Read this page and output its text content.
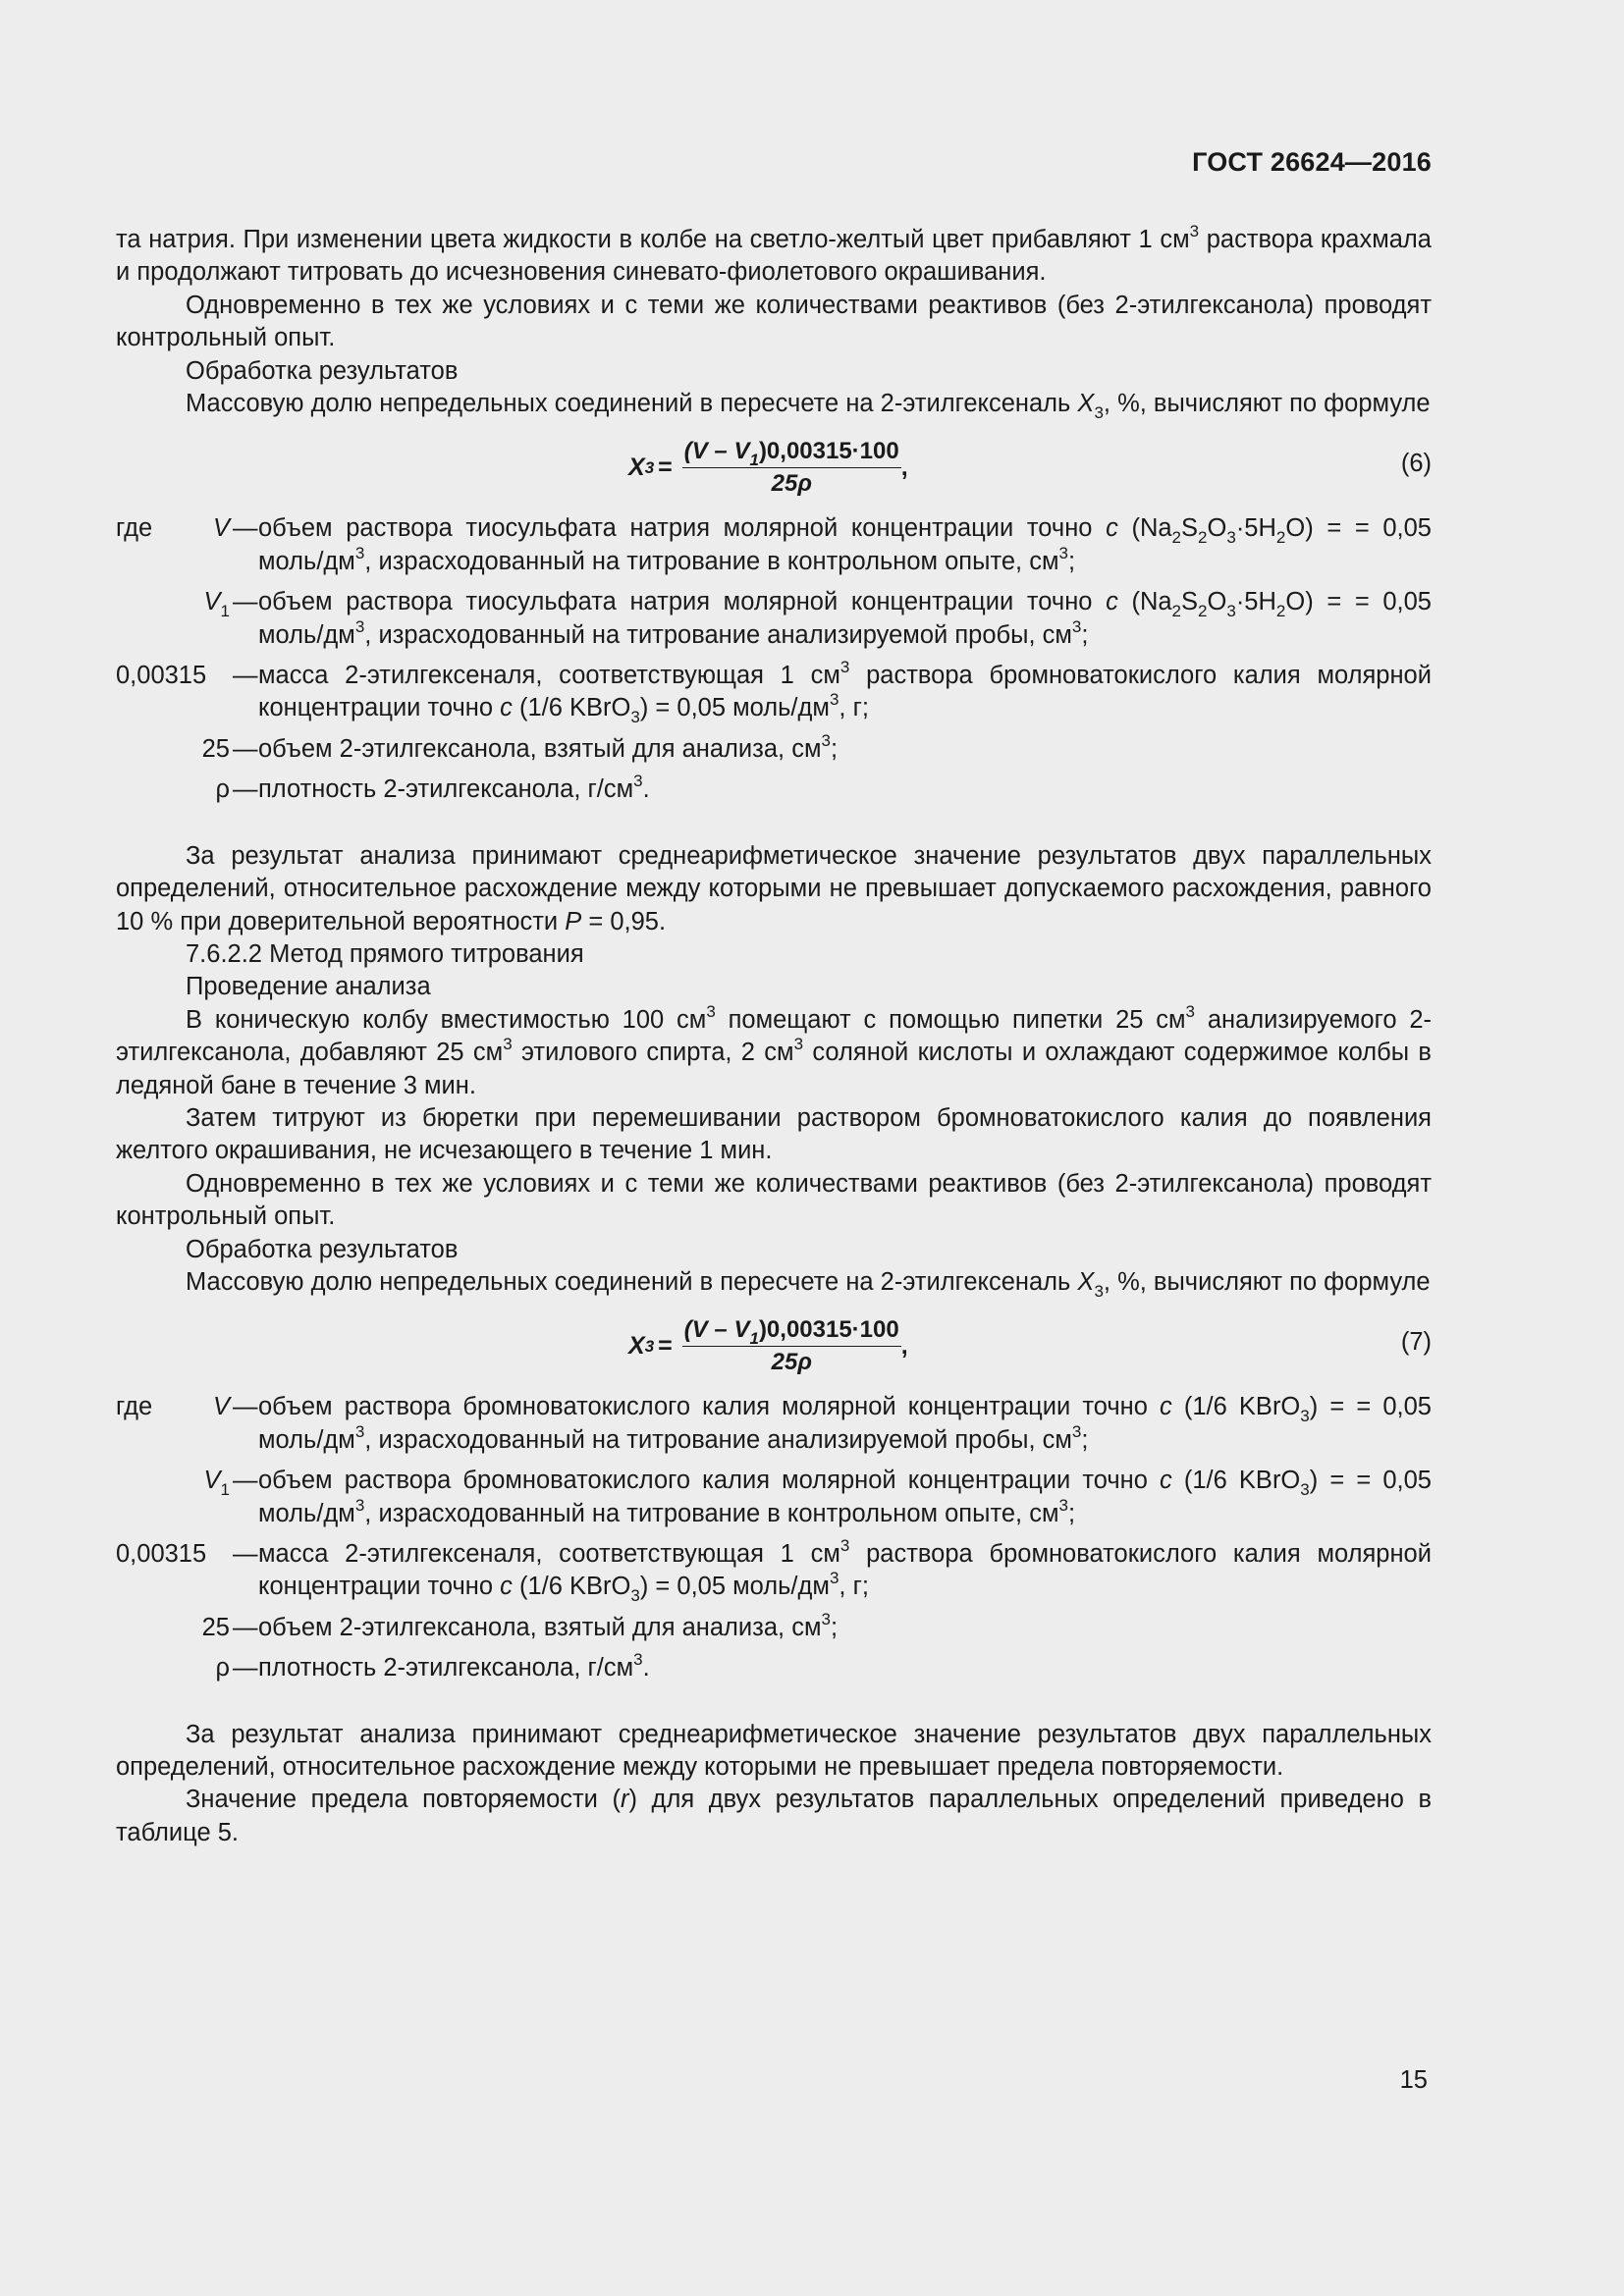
ГОСТ 26624—2016

та натрия. При изменении цвета жидкости в колбе на светло-желтый цвет прибавляют 1 $см^3$ раствора крахмала и продолжают титровать до исчезновения синевато-фиолетового окрашивания.

Одновременно в тех же условиях и с теми же количествами реактивов (без 2-этилгексанола) проводят контрольный опыт.

Обработка результатов

Массовую долю непредельных соединений в пересчете на 2-этилгексеналь $X_3$, %, вычисляют по формуле

X $3 = \frac{(V - V_1)0,00315\cdot 100}{25\rho}$ ,	(6)
где	V — объем раствора тиосульфата натрия молярной концентрации точно c $(Na_2S_2O_3\cdot 5H_2O)$ = = 0,05 моль/$дм^3$, израсходованный на титрование в контрольном опыте, $см^3$;
$V_1$ — объем раствора тиосульфата натрия молярной концентрации точно c $(Na_2S_2O_3\cdot 5H_2O)$ = = 0,05 моль/$дм^3$, израсходованный на титрование анализируемой пробы, $см^3$;
0,00315	— масса 2-этилгексеналя, соответствующая 1 $см^3$ раствора бромноватокислого калия молярной концентрации точно c (1/6 KBrO$_3$) = 0,05 моль/$дм^3$, г;
25 — объем 2-этилгексанола, взятый для анализа, $см^3$;
ρ — плотность 2-этилгексанола, $г/см^3$.

За результат анализа принимают среднеарифметическое значение результатов двух параллельных определений, относительное расхождение между которыми не превышает допускаемого расхождения, равного 10 % при доверительной вероятности P = 0,95.

7.6.2.2 Метод прямого титрования

Проведение анализа

В коническую колбу вместимостью 100 $см^3$ помещают с помощью пипетки 25 $см^3$ анализируемого 2-этилгексанола, добавляют 25 $см^3$ этилового спирта, 2 $см^3$ соляной кислоты и охлаждают содержимое колбы в ледяной бане в течение 3 мин.

Затем титруют из бюретки при перемешивании раствором бромноватокислого калия до появления желтого окрашивания, не исчезающего в течение 1 мин.

Одновременно в тех же условиях и с теми же количествами реактивов (без 2-этилгексанола) проводят контрольный опыт.

Обработка результатов

Массовую долю непредельных соединений в пересчете на 2-этилгексеналь $X_3$, %, вычисляют по формуле

X $3 = \frac{(V - V_1)0,00315\cdot 100}{25\rho}$ ,	(7)
где	V — объем раствора бромноватокислого калия молярной концентрации точно c (1/6 KBrO$_3$) = = 0,05 моль/$дм^3$, израсходованный на титрование анализируемой пробы, $см^3$;
$V_1$ — объем раствора бромноватокислого калия молярной концентрации точно c (1/6 KBrO$_3$) = = 0,05 моль/$дм^3$, израсходованный на титрование в контрольном опыте, $см^3$;
0,00315	— масса 2-этилгексеналя, соответствующая 1 $см^3$ раствора бромноватокислого калия молярной концентрации точно c (1/6 KBrO$_3$) = 0,05 моль/$дм^3$, г;
25 — объем 2-этилгексанола, взятый для анализа, $см^3$;
ρ — плотность 2-этилгексанола, $г/см^3$.

За результат анализа принимают среднеарифметическое значение результатов двух параллельных определений, относительное расхождение между которыми не превышает предела повторяемости.

Значение предела повторяемости (r) для двух результатов параллельных определений приведено в таблице 5.

15
